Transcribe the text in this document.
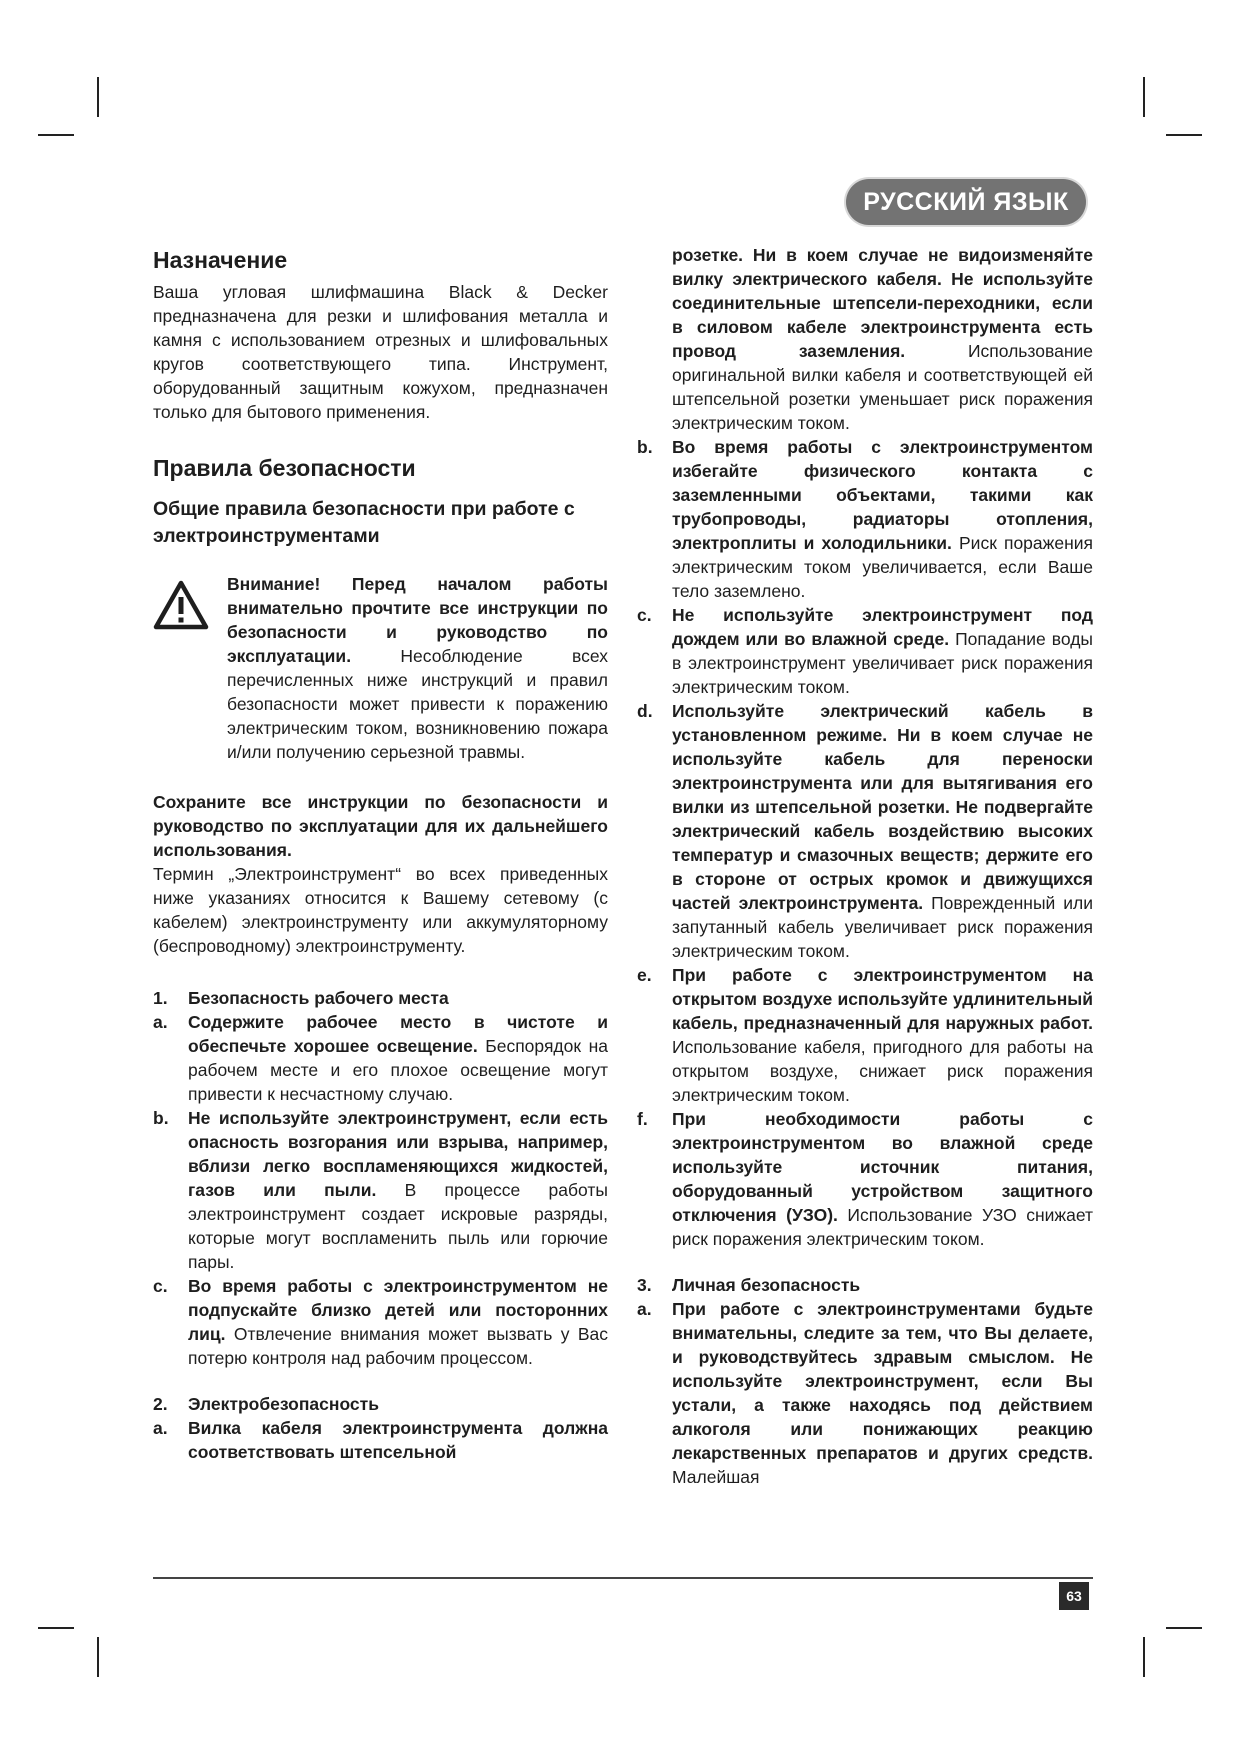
РУССКИЙ ЯЗЫК
Назначение

Ваша угловая шлифмашина Black & Decker предназначена для резки и шлифования металла и камня с использованием отрезных и шлифовальных кругов соответствующего типа. Инструмент, оборудованный защитным кожухом, предназначен только для бытового применения.

Правила безопасности
Общие правила безопасности при работе с электроинструментами

Внимание! Перед началом работы внимательно прочтите все инструкции по безопасности и руководство по эксплуатации. Несоблюдение всех перечисленных ниже инструкций и правил безопасности может привести к поражению электрическим током, возникновению пожара и/или получению серьезной травмы.

Сохраните все инструкции по безопасности и руководство по эксплуатации для их дальнейшего использования.

Термин „Электроинструмент“ во всех приведенных ниже указаниях относится к Вашему сетевому (с кабелем) электроинструменту или аккумуляторному (беспроводному) электроинструменту.

1.	Безопасность рабочего места
a.	Содержите рабочее место в чистоте и обеспечьте хорошее освещение. Беспорядок на рабочем месте и его плохое освещение могут привести к несчастному случаю.
b.	Не используйте электроинструмент, если есть опасность возгорания или взрыва, например, вблизи легко воспламеняющихся жидкостей, газов или пыли. В процессе работы электроинструмент создает искровые разряды, которые могут воспламенить пыль или горючие пары.
c.	Во время работы с электроинструментом не подпускайте близко детей или посторонних лиц. Отвлечение внимания может вызвать у Вас потерю контроля над рабочим процессом.
2.	Электробезопасность
a.	Вилка кабеля электроинструмента должна соответствовать штепсельной
розетке. Ни в коем случае не видоизменяйте вилку электрического кабеля. Не используйте соединительные штепсели-переходники, если в силовом кабеле электроинструмента есть провод заземления. Использование оригинальной вилки кабеля и соответствующей ей штепсельной розетки уменьшает риск поражения электрическим током.
b.	Во время работы с электроинструментом избегайте физического контакта с заземленными объектами, такими как трубопроводы, радиаторы отопления, электроплиты и холодильники. Риск поражения электрическим током увеличивается, если Ваше тело заземлено.
c.	Не используйте электроинструмент под дождем или во влажной среде. Попадание воды в электроинструмент увеличивает риск поражения электрическим током.
d.	Используйте электрический кабель в установленном режиме. Ни в коем случае не используйте кабель для переноски электроинструмента или для вытягивания его вилки из штепсельной розетки. Не подвергайте электрический кабель воздействию высоких температур и смазочных веществ; держите его в стороне от острых кромок и движущихся частей электроинструмента. Поврежденный или запутанный кабель увеличивает риск поражения электрическим током.
e.	При работе с электроинструментом на открытом воздухе используйте удлинительный кабель, предназначенный для наружных работ. Использование кабеля, пригодного для работы на открытом воздухе, снижает риск поражения электрическим током.
f.	При необходимости работы с электроинструментом во влажной среде используйте источник питания, оборудованный устройством защитного отключения (УЗО). Использование УЗО снижает риск поражения электрическим током.
3.	Личная безопасность
a.	При работе с электроинструментами будьте внимательны, следите за тем, что Вы делаете, и руководствуйтесь здравым смыслом. Не используйте электроинструмент, если Вы устали, а также находясь под действием алкоголя или понижающих реакцию лекарственных препаратов и других средств. Малейшая
63
